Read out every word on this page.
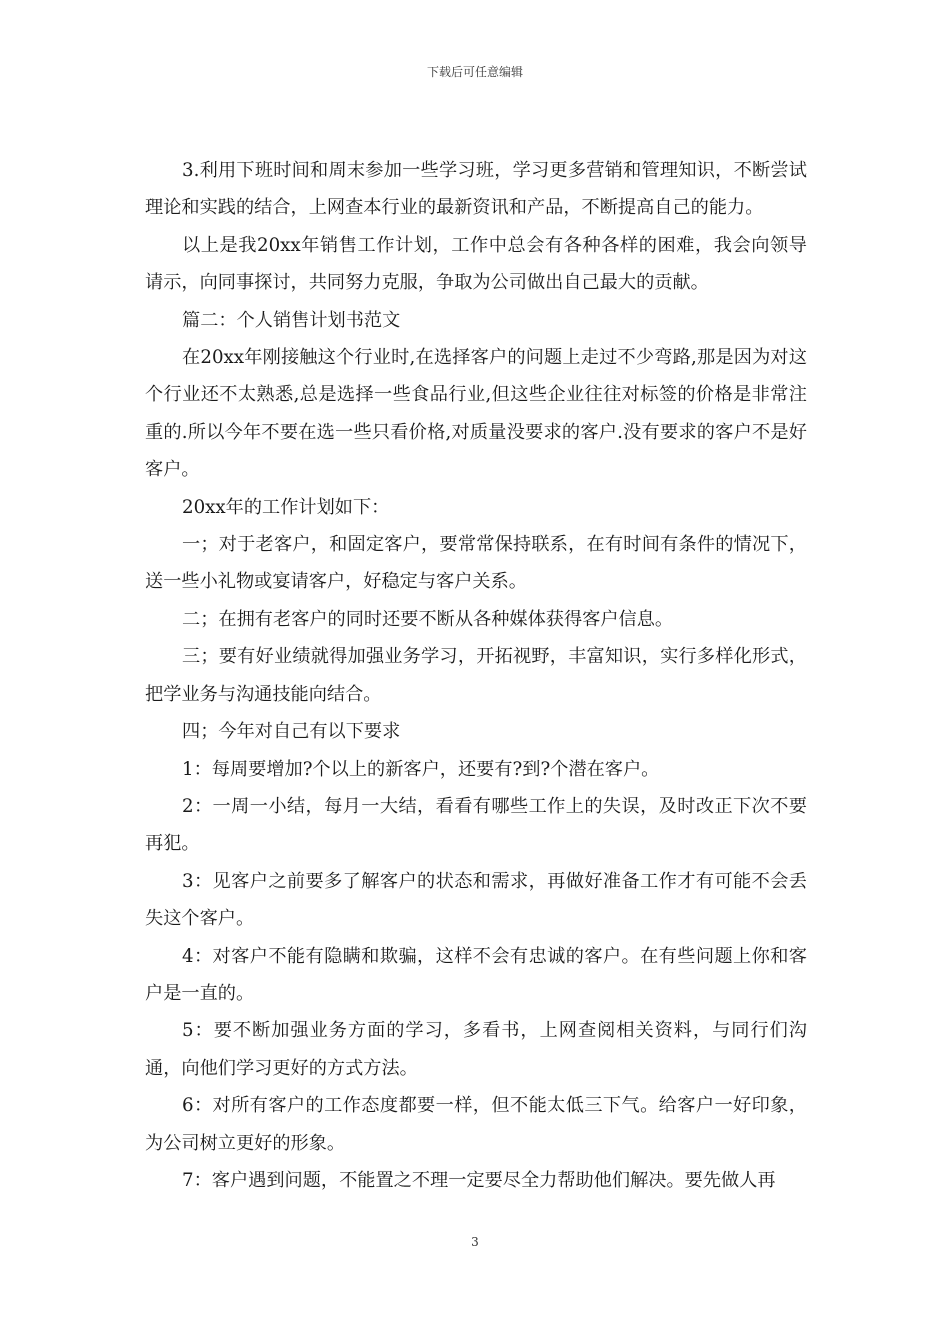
下载后可任意编辑

3.利用下班时间和周末参加一些学习班，学习更多营销和管理知识，不断尝试理论和实践的结合，上网查本行业的最新资讯和产品，不断提高自己的能力。

以上是我20xx年销售工作计划，工作中总会有各种各样的困难，我会向领导请示，向同事探讨，共同努力克服，争取为公司做出自己最大的贡献。

篇二：个人销售计划书范文

在20xx年刚接触这个行业时,在选择客户的问题上走过不少弯路,那是因为对这个行业还不太熟悉,总是选择一些食品行业,但这些企业往往对标签的价格是非常注重的.所以今年不要在选一些只看价格,对质量没要求的客户.没有要求的客户不是好客户。

20xx年的工作计划如下：

一；对于老客户，和固定客户，要常常保持联系，在有时间有条件的情况下，送一些小礼物或宴请客户，好稳定与客户关系。

二；在拥有老客户的同时还要不断从各种媒体获得客户信息。

三；要有好业绩就得加强业务学习，开拓视野，丰富知识，实行多样化形式，把学业务与沟通技能向结合。

四；今年对自己有以下要求

1：每周要增加?个以上的新客户，还要有?到?个潜在客户。

2：一周一小结，每月一大结，看看有哪些工作上的失误，及时改正下次不要再犯。

3：见客户之前要多了解客户的状态和需求，再做好准备工作才有可能不会丢失这个客户。

4：对客户不能有隐瞒和欺骗，这样不会有忠诚的客户。在有些问题上你和客户是一直的。

5：要不断加强业务方面的学习，多看书，上网查阅相关资料，与同行们沟通，向他们学习更好的方式方法。

6：对所有客户的工作态度都要一样，但不能太低三下气。给客户一好印象，为公司树立更好的形象。

7：客户遇到问题，不能置之不理一定要尽全力帮助他们解决。要先做人再

3
